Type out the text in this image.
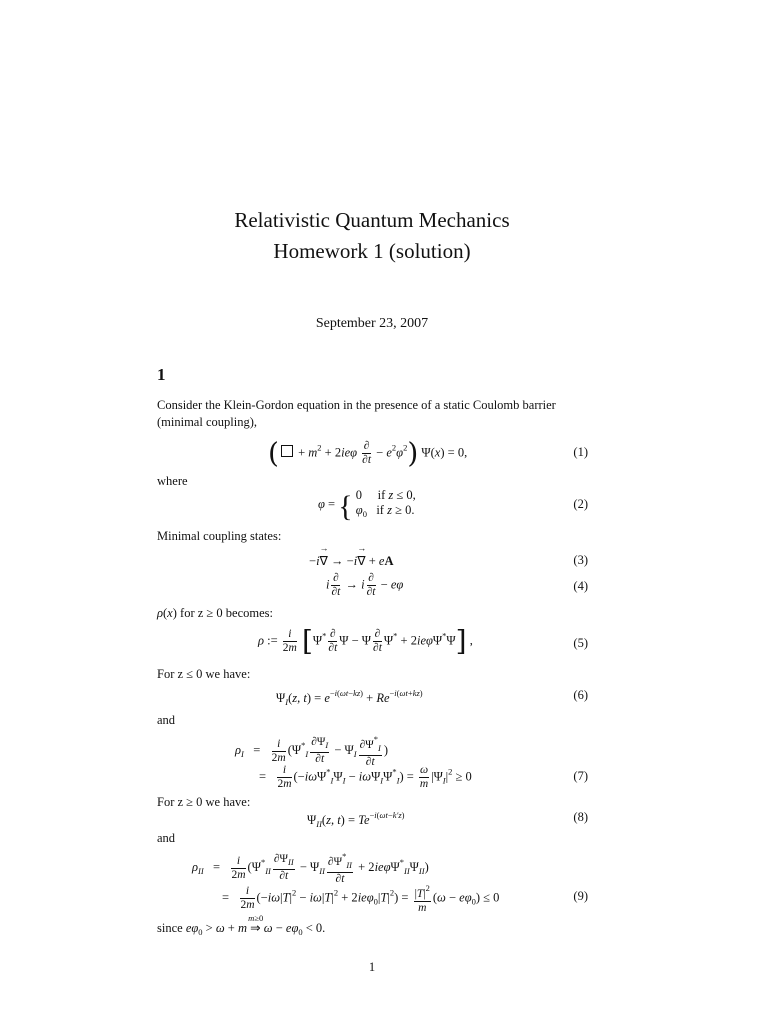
Relativistic Quantum Mechanics
Homework 1 (solution)
September 23, 2007
1
Consider the Klein-Gordon equation in the presence of a static Coulomb barrier (minimal coupling),
( + $m^2 + 2ie\varphi \frac{\partial}{\partial t} - e^2\varphi^2$) Ψ(x) = 0,	(1)
where
φ = { 0     if z ≤ 0,
$\varphi_0$   if z ≥ 0.	(2)
Minimal coupling states:
−i→ ∇ → −i→ ∇ + eA	(3)
i $\frac{\partial}{\partial t} \to i \frac{\partial}{\partial t} - e\varphi$	(4)
ρ(x) for z ≥ 0 becomes:
ρ := $\frac{i}{2m} [\Psi^* \frac{\partial}{\partial t}$ Ψ − Ψ $\frac{\partial}{\partial t} \Psi^* + 2ie\varphi\Psi^*\Psi$] ,	(5)
For z ≤ 0 we have:
$\Psi_I(z$, $t) = e^{-i(\omega t-kz)} + Re^{-i(\omega t+kz)}$	(6)
and
$\rho_I = \frac{i}{2m} (\Psi^*_I \frac{\partial\Psi_I}{\partial t} - \Psi_I \frac{\partial\Psi^*_I}{\partial t}$ )
= $\frac{i}{2m} (-i\omega\Psi^*_I\Psi_I - i\omega\Psi_I\Psi^*_I) = \frac{\omega}{m} |\Psi_I|^2 \ge 0$	(7)
For z ≥ 0 we have:
$\Psi_{II}(z$, $t) = Te^{-i(\omega t-k'z)}$	(8)
and
$\rho_{II} = \frac{i}{2m} (\Psi^*_{II} \frac{\partial\Psi_{II}}{\partial t} - \Psi_{II} \frac{\partial\Psi^*_{II}}{\partial t} + 2ie\varphi\Psi^*_{II}\Psi_{II})$
= $\frac{i}{2m} (-i\omega|T|^2 - i\omega|T|^2 + 2ie\varphi_0|T|^2) = \frac{|T|^2}{m} (\omega - e\varphi_0) \le 0$	(9)
since $e\varphi_0 > \omega + m$
m≥0
⇒ $\omega - e\varphi_0 < 0$.
1
